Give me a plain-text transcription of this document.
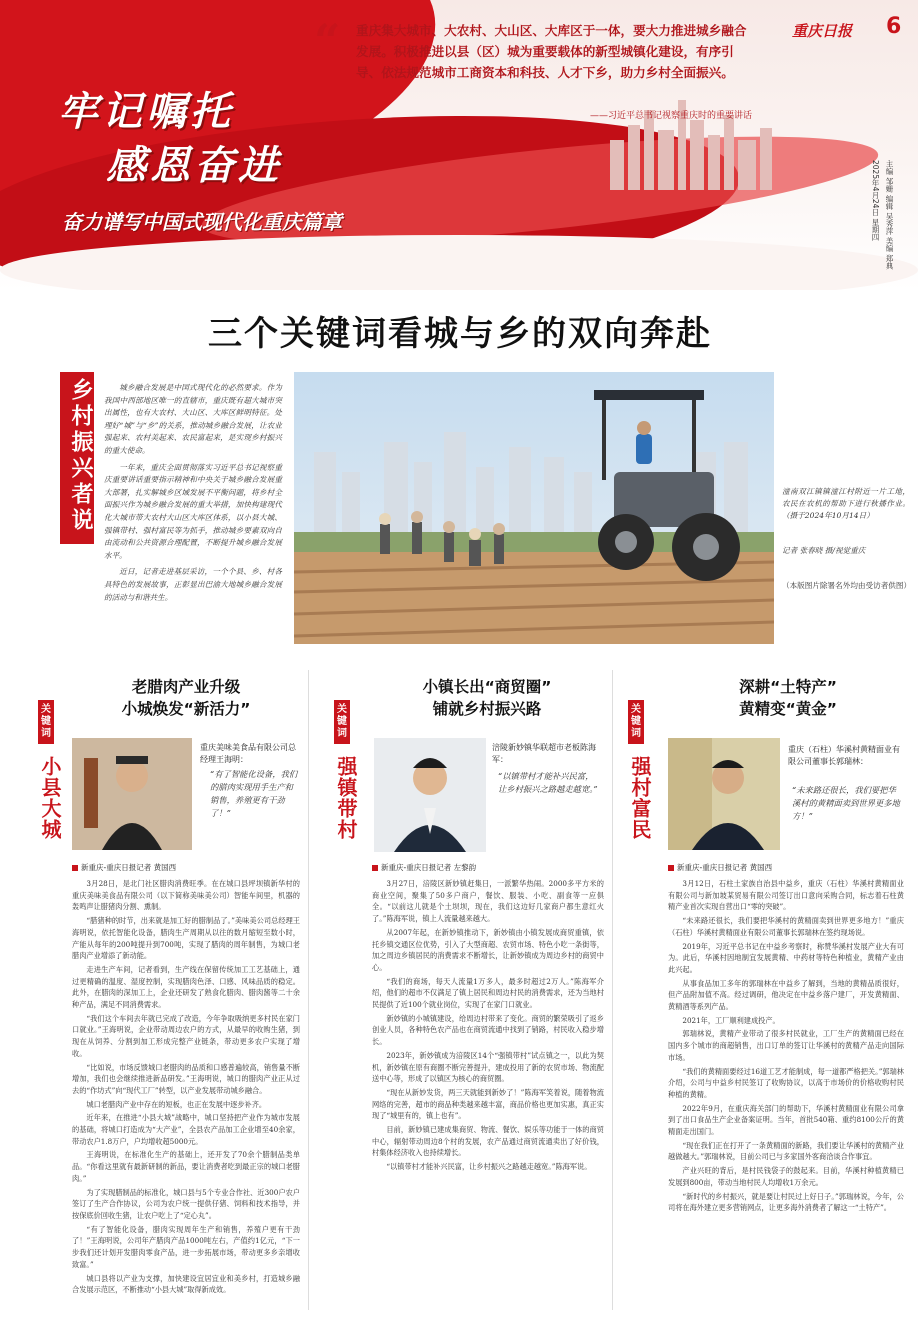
牢记嘱托
感恩奋进
奋力谱写中国式现代化重庆篇章
“ 重庆集大城市、大农村、大山区、大库区于一体，要大力推进城乡融合发展。积极推进以县（区）城为重要载体的新型城镇化建设，有序引导、依法规范城市工商资本和科技、人才下乡，助力乡村全面振兴。
——习近平总书记视察重庆时的重要讲话
重庆日报 6
2025年4月24日 星期四 主编 邹姗 编辑 吴秀萍 美编 郑典
三个关键词看城与乡的双向奔赴
乡村振兴者说	城乡融合发展是中国式现代化的必然要求。作为我国中西部地区唯一的直辖市，重庆既有超大城市突出属性，也有大农村、大山区、大库区鲜明特征。处理好“城”与“乡”的关系，推动城乡融合发展，让农业强起来、农村美起来、农民富起来，是实现乡村振兴的重大使命。

一年来，重庆全面贯彻落实习近平总书记视察重庆重要讲话重要指示精神和中央关于城乡融合发展重大部署，扎实解城乡区域发展不平衡问题，将乡村全面振兴作为城乡融合发展的重大举措，加快构建现代化大城市带大农村大山区大库区体系，以小县大城、强镇带村、强村富民等为抓手，推动城乡要素双向自由流动和公共资源合理配置，不断提升城乡融合发展水平。

近日，记者走进基层采访，一个个县、乡、村各具特色的发展故事，正彰显出巴渝大地城乡融合发展的活动与和谐共生。

潼南双江镇镇潼江村附近一片工地，农民在农机的帮助下进行秋播作业。（摄于2024年10月14日）
记者 张春晓 摄/视觉重庆
（本版图片除署名外均由受访者供图）
关键词
小县大城
老腊肉产业升级
小城焕发“新活力”
重庆美味美食品有限公司总经理王海明：
“有了智能化设备，我们的腊肉实现用手生产和销售，养殖更有干劲了！”
新重庆-重庆日报记者 黄国西

3月28日，是北门社区腊肉消费旺季。在在城口县坪坝镇新华村的重庆美味美食品有限公司（以下简称美味美公司）智能车间里，机器的轰鸣声让腊猪肉分割、熏制。

“腊猪种的时节，出来就是加工好的腊制品了。”美味美公司总经理王海明说，依托智能化设备，腊肉生产周期从以往的数月缩短至数小时，产能从每年的200吨提升到700吨，实现了腊肉的周年制售，为城口老腊肉产业增添了新动能。

走进生产车间，记者看到，生产线在保留传统加工工艺基础上，通过更精确的温度、湿度控制，实现腊肉色泽、口感、风味品质的稳定。此外，在腊肉的深加工上，企业还研发了熟食化腊肉、腊肉酱等二十余种产品，满足不同消费需求。

“我们这个车间去年就已完成了改造，今年争取吸纳更多村民在家门口就业。”王海明说，企业带动周边农户的方式，从最早的收购生猪，到现在从饲养、分割到加工形成完整产业链条，带动更多农户实现了增收。

“比如说，市场反馈城口老腊肉的品质和口感普遍较高，销售量不断增加，我们也会继续推进新品研发。”王海明说，城口的腊肉产业正从过去的“作坊式”向“现代工厂”转型，以产业发展带动城乡融合。

城口老腊肉产业中存在的短板，也正在发展中逐步补齐。

近年来，在推进“小县大城”战略中，城口坚持把产业作为城市发展的基础，将城口打造成为“大产业”，全县农产品加工企业增至40余家，带动农户1.8万户，户均增收超5000元。

王海明说，在标准化生产的基础上，还开发了70余个腊制品类单品。“你看这里就有最新研制的新品，要让消费者吃到最正宗的城口老腊肉。”

为了实现腊制品的标准化，城口县与5个专业合作社、近300户农户签订了生产合作协议，公司为农户统一提供仔猪、饲料和技术指导，并按保底价回收生猪，让农户吃上了“定心丸”。

“有了智能化设备，腊肉实现周年生产和销售，养殖户更有干劲了！”王海明说，公司年产腊肉产品1000吨左右，产值约1亿元，“下一步我们还计划开发腊肉零食产品，进一步拓展市场，带动更多乡亲增收致富。”

城口县将以产业为支撑，加快建设宜居宜业和美乡村，打造城乡融合发展示范区，不断推动“小县大城”取得新成效。

关键词
强镇带村
小镇长出“商贸圈”
铺就乡村振兴路
涪陵新妙镇华联超市老板陈海军：
“以镇带村才能补兴民富，让乡村振兴之路越走越宽。”
新重庆-重庆日报记者 左黎韵

3月27日，涪陵区新妙镇赶集日，一派繁华热闹。2000多平方米的商业空间，聚集了50多户商户，餐饮、服装、小吃、副食等一应俱全。“以前这儿就是个土坝坝，现在，我们这边好几家商户都生意红火了。”陈海军说，镇上人流量越来越大。

从2007年起，在新妙镇推动下，新妙镇由小镇发展成商贸重镇，依托乡镇交通区位优势，引入了大型商超、农贸市场、特色小吃一条街等，加之周边乡镇居民的消费需求不断增长，让新妙镇成为周边乡村的商贸中心。

“我们的商场，每天人流量1万多人，最多时超过2万人。”陈海军介绍，他们的超市不仅满足了镇上居民和周边村民的消费需求，还为当地村民提供了近100个就业岗位，实现了在家门口就业。

新妙镇的小城镇建设，给周边村带来了变化。商贸的繁荣吸引了返乡创业人员，各种特色农产品也在商贸流通中找到了销路，村民收入稳步增长。

2023年，新妙镇成为涪陵区14个“强镇带村”试点镇之一，以此为契机，新妙镇在原有商圈不断完善提升，建成投用了新的农贸市场、物流配送中心等，形成了以镇区为核心的商贸圈。

“现在从新妙发货，两三天就能到新妙了！”陈海军笑着说，随着物流网络的完善，超市的商品种类越来越丰富，商品价格也更加实惠，真正实现了“城里有的，镇上也有”。

目前，新妙镇已建成集商贸、物流、餐饮、娱乐等功能于一体的商贸中心，辐射带动周边8个村的发展，农产品通过商贸流通卖出了好价钱，村集体经济收入也持续增长。

“以镇带村才能补兴民富，让乡村振兴之路越走越宽。”陈海军说。

关键词
强村富民
深耕“土特产”
黄精变“黄金”
重庆（石柱）华溪村黄精面业有限公司董事长郭瑞林：
“未来路还很长，我们要把华溪村的黄精面卖到世界更多地方！”
新重庆-重庆日报记者 黄国西

3月12日，石柱土家族自治县中益乡，重庆（石柱）华溪村黄精面业有限公司与新加坡某贸易有限公司签订出口意向采购合同，标志着石柱黄精产业首次实现自营出口“零的突破”。

“未来路还很长，我们要把华溪村的黄精面卖到世界更多地方！”重庆（石柱）华溪村黄精面业有限公司董事长郭瑞林在签约现场说。

2019年，习近平总书记在中益乡考察时，称赞华溪村发展产业大有可为。此后，华溪村因地制宜发展黄精、中药材等特色种植业，黄精产业由此兴起。

从事食品加工多年的郭瑞林在中益乡了解到，当地的黄精品质很好，但产品附加值不高。经过调研，他决定在中益乡落户建厂，开发黄精面、黄精酒等系列产品。

2021年，工厂顺利建成投产。

郭瑞林说，黄精产业带动了很多村民就业，工厂生产的黄精面已经在国内多个城市的商超销售，出口订单的签订让华溪村的黄精产品走向国际市场。

“我们的黄精面要经过16道工艺才能制成，每一道都严格把关。”郭瑞林介绍，公司与中益乡村民签订了收购协议，以高于市场价的价格收购村民种植的黄精。

2022年9月，在重庆海关部门的帮助下，华溪村黄精面业有限公司拿到了出口食品生产企业备案证明。当年，首批540箱、重约8100公斤的黄精面走出国门。

“现在我们正在打开了一条黄精面的新路，我们要让华溪村的黄精产业越做越大。”郭瑞林说，目前公司已与多家国外客商洽谈合作事宜。

产业兴旺的背后，是村民钱袋子的鼓起来。目前，华溪村种植黄精已发展到800亩，带动当地村民人均增收1万余元。

“新时代的乡村振兴，就是要让村民过上好日子。”郭瑞林说，今年，公司将在海外建立更多营销网点，让更多海外消费者了解这一“土特产”。
